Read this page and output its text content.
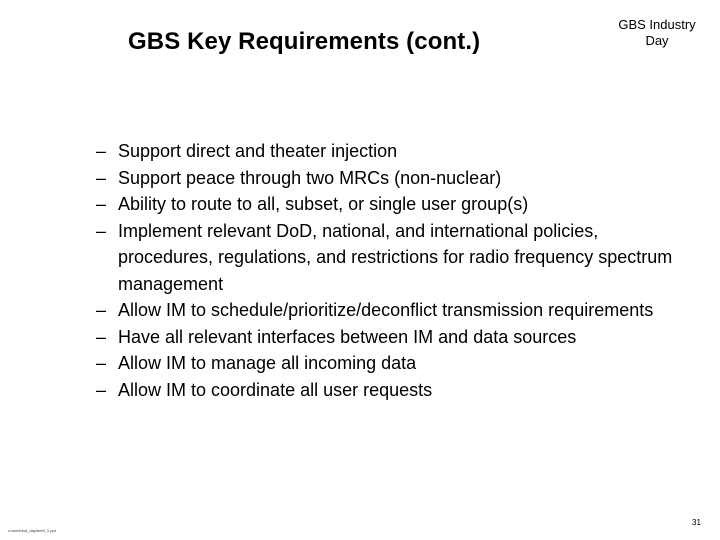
GBS Key Requirements (cont.)
GBS Industry
Day
– Support direct and theater injection
– Support peace through two MRCs (non-nuclear)
– Ability to route to all, subset, or single user group(s)
– Implement relevant DoD, national, and international policies, procedures, regulations, and restrictions for radio frequency spectrum management
– Allow IM to schedule/prioritize/deconflict transmission requirements
– Have all relevant interfaces between IM and data sources
– Allow IM to manage all incoming data
– Allow IM to coordinate all user requests
c:\work\ind_day\brief_1.ppt
31
